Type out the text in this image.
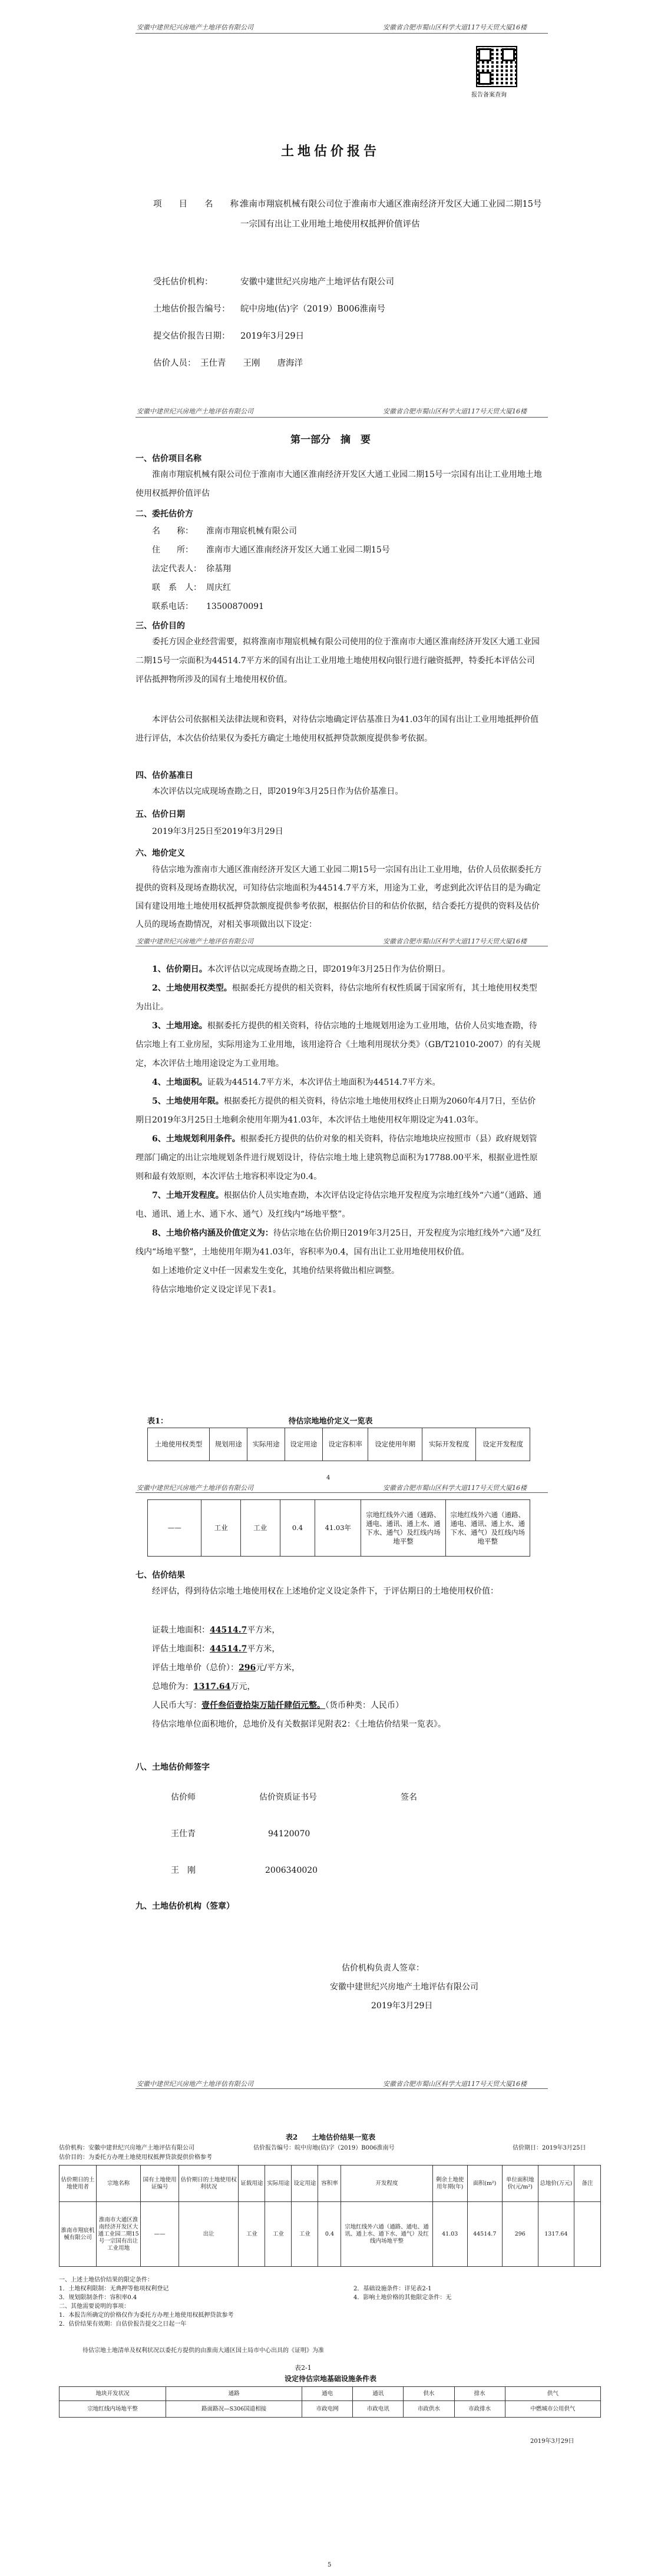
安徽中建世纪兴房地产土地评估有限公司	安徽省合肥市蜀山区科学大道117号天贸大厦16楼
报告备案查询
土地估价报告
项　　目　　名　　称：
淮南市翔宸机械有限公司位于淮南市大通区淮南经济开发区大通工业园二期15号一宗国有出让工业用地土地使用权抵押价值评估
受托估价机构：	安徽中建世纪兴房地产土地评估有限公司
土地估价报告编号： 皖中房地(估)字（2019）B006淮南号
提交估价报告日期： 2019年3月29日
估价人员： 王仕青　　王刚　　唐海洋
安徽中建世纪兴房地产土地评估有限公司	安徽省合肥市蜀山区科学大道117号天贸大厦16楼
第一部分　摘　要
一、估价项目名称
淮南市翔宸机械有限公司位于淮南市大通区淮南经济开发区大通工业园二期15号一宗国有出让工业用地土地使用权抵押价值评估
二、委托估价方
名　　称： 淮南市翔宸机械有限公司
住　　所： 淮南市大通区淮南经济开发区大通工业园二期15号
法定代表人： 徐基翔
联　系　人： 周庆红
联系电话： 13500870091
三、估价目的
委托方因企业经营需要，拟将淮南市翔宸机械有限公司使用的位于淮南市大通区淮南经济开发区大通工业园二期15号一宗面积为44514.7平方米的国有出让工业用地土地使用权向银行进行融资抵押，特委托本评估公司评估抵押物所涉及的国有土地使用权价值。
本评估公司依据相关法律法规和资料，对待估宗地确定评估基准日为41.03年的国有出让工业用地抵押价值进行评估，本次估价结果仅为委托方确定土地使用权抵押贷款额度提供参考依据。
四、估价基准日
本次评估以完成现场查勘之日，即2019年3月25日作为估价基准日。
五、估价日期
2019年3月25日至2019年3月29日
六、地价定义
待估宗地为淮南市大通区淮南经济开发区大通工业园二期15号一宗国有出让工业用地，估价人员依据委托方提供的资料及现场查勘状况，可知待估宗地面积为44514.7平方米，用途为工业，考虑到此次评估目的是为确定国有建设用地土地使用权抵押贷款额度提供参考依据，根据估价目的和估价依据，结合委托方提供的资料及估价人员的现场查勘情况，对相关事项做出以下设定：
安徽中建世纪兴房地产土地评估有限公司	安徽省合肥市蜀山区科学大道117号天贸大厦16楼
1、估价期日。本次评估以完成现场查勘之日，即2019年3月25日作为估价期日。
2、土地使用权类型。根据委托方提供的相关资料，待估宗地所有权性质属于国家所有，其土地使用权类型为出让。
3、土地用途。根据委托方提供的相关资料，待估宗地的土地规划用途为工业用地，估价人员实地查勘，待估宗地上有工业房屋，实际用途为工业用地，该用途符合《土地利用现状分类》（GB/T21010-2007）的有关规定，本次评估土地用途设定为工业用地。
4、土地面积。证载为44514.7平方米，本次评估土地面积为44514.7平方米。
5、土地使用年限。根据委托方提供的相关资料，待估宗地土地使用权终止日期为2060年4月7日，至估价期日2019年3月25日土地剩余使用年期为41.03年，本次评估土地使用权年期设定为41.03年。
6、土地规划利用条件。根据委托方提供的估价对象的相关资料，待估宗地地块应按照市（县）政府规划管理部门确定的出让宗地规划条件进行规划设计，待估宗地土地上建筑物总面积为17788.00平米，根据业进性原则和最有效原则，本次评估土地容积率设定为0.4。
7、土地开发程度。根据估价人员实地查勘，本次评估设定待估宗地开发程度为宗地红线外“六通”（通路、通电、通讯、通上水、通下水、通气）及红线内“场地平整”。
8、土地价格内涵及价值定义为：待估宗地在估价期日2019年3月25日，开发程度为宗地红线外“六通”及红线内“场地平整”，土地使用年期为41.03年，容积率为0.4，国有出让工业用地使用权价值。
如上述地价定义中任一因素发生变化，其地价结果将做出相应调整。
待估宗地地价定义设定详见下表1。
表1：	待估宗地地价定义一览表
土地使用权类型	规划用途	实际用途	设定用途	设定容积率	设定使用年期	实际开发程度	设定开发程度
4
安徽中建世纪兴房地产土地评估有限公司	安徽省合肥市蜀山区科学大道117号天贸大厦16楼
——	工业	工业	0.4	41.03年	宗地红线外六通（通路、通电、通讯、通上水、通下水、通气）及红线内场地平整	宗地红线外六通（通路、通电、通讯、通上水、通下水、通气）及红线内场地平整
七、估价结果
经评估，得到待估宗地土地使用权在上述地价定义设定条件下，于评估期日的土地使用权价值：
证载土地面积：44514.7平方米，
评估土地面积：44514.7平方米，
评估土地单价（总价）：296元/平方米，
总地价为：1317.64万元，
人民币大写：壹仟叁佰壹拾柒万陆仟肆佰元整。（货币种类：人民币）
待估宗地单位面积地价，总地价及有关数据详见附表2：《土地估价结果一览表》。
八、土地估价师签字
估价师	估价资质证书号	签名
王仕青	94120070
王　刚	2006340020
九、土地估价机构（签章）
估价机构负责人签章：
安徽中建世纪兴房地产土地评估有限公司
2019年3月29日
安徽中建世纪兴房地产土地评估有限公司	安徽省合肥市蜀山区科学大道117号天贸大厦16楼
表2　　土地估价结果一览表
估价机构：安徽中建世纪兴房地产土地评估有限公司	估价报告编号：皖中房地(估)字（2019）B006淮南号	估价期日：2019年3月25日
估价目的：为委托方办理土地使用权抵押贷款提供价格参考
估价期日的土地使用者	宗地名称	国有土地使用证编号	估价期日的土地使用权利状况	证载用途	实际用途	设定用途	容积率	开发程度	剩余土地使用年期(年)	面积(m²)	单位面积地价(元/m²)	总地价(万元)	备注
淮南市翔宸机械有限公司	淮南市大通区淮南经济开发区大通工业园二期15号一宗国有出让工业用地	——	出让	工业	工业	工业	0.4	宗地红线外六通（通路、通电、通讯、通上水、通下水、通气）及红线内场地平整	41.03	44514.7	296	1317.64	
一、上述土地估价结果的限定条件：
1．土地权利限制：无典押等他项权利登记
3．规划限制条件：容积率0.4
二、其他需要说明的事项：
1．本报告所确定的价格仅作为委托方办理土地使用权抵押贷款参考
2．估价结果有效期：自估价报告提交之日起一年
2．基础设施条件：详见表2-1
4．影响土地价格的其他限定条件：无
待估宗地土地清单及权利状况以委托方提供的由淮南大通区国土局市中心出具的《证明》为准
表2-1
设定待估宗地基础设施条件表
地块开发状况	通路	通电	通讯	供水	排水	供气
宗地红线内场地平整	路面路况—S306国道相接	市政电网	市政电讯	市政供水	市政排水	中燃城市公用供气
2019年3月29日
5
